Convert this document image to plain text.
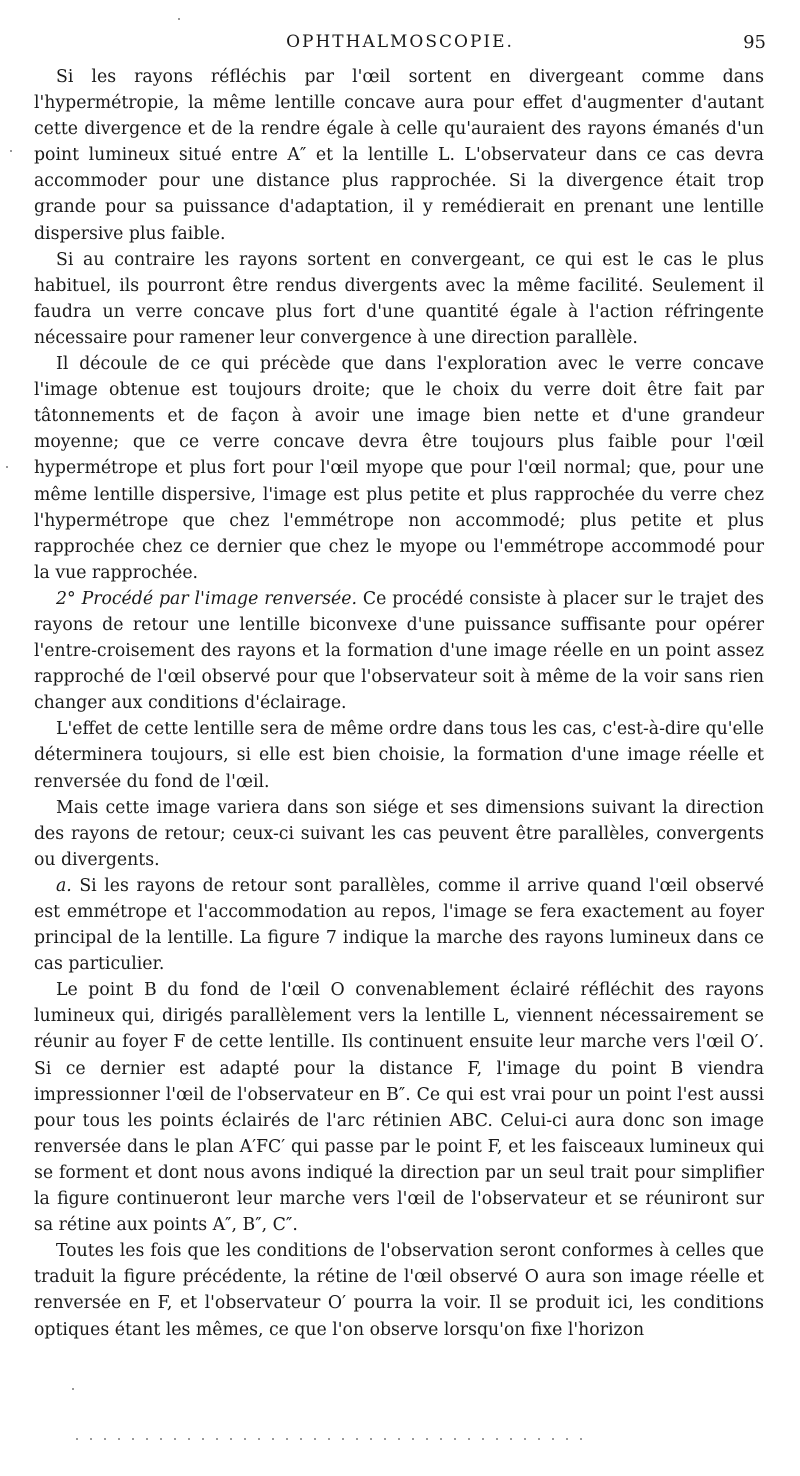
OPHTHALMOSCOPIE.	95

Si les rayons réfléchis par l'œil sortent en divergeant comme dans l'hypermétropie, la même lentille concave aura pour effet d'augmenter d'autant cette divergence et de la rendre égale à celle qu'auraient des rayons émanés d'un point lumineux situé entre A″ et la lentille L. L'observateur dans ce cas devra accommoder pour une distance plus rapprochée. Si la divergence était trop grande pour sa puissance d'adaptation, il y remédierait en prenant une lentille dispersive plus faible.

Si au contraire les rayons sortent en convergeant, ce qui est le cas le plus habituel, ils pourront être rendus divergents avec la même facilité. Seulement il faudra un verre concave plus fort d'une quantité égale à l'action réfringente nécessaire pour ramener leur convergence à une direction parallèle.

Il découle de ce qui précède que dans l'exploration avec le verre concave l'image obtenue est toujours droite; que le choix du verre doit être fait par tâtonnements et de façon à avoir une image bien nette et d'une grandeur moyenne; que ce verre concave devra être toujours plus faible pour l'œil hypermétrope et plus fort pour l'œil myope que pour l'œil normal; que, pour une même lentille dispersive, l'image est plus petite et plus rapprochée du verre chez l'hypermétrope que chez l'emmétrope non accommodé; plus petite et plus rapprochée chez ce dernier que chez le myope ou l'emmétrope accommodé pour la vue rapprochée.

2° Procédé par l'image renversée. Ce procédé consiste à placer sur le trajet des rayons de retour une lentille biconvexe d'une puissance suffisante pour opérer l'entre-croisement des rayons et la formation d'une image réelle en un point assez rapproché de l'œil observé pour que l'observateur soit à même de la voir sans rien changer aux conditions d'éclairage.

L'effet de cette lentille sera de même ordre dans tous les cas, c'est-à-dire qu'elle déterminera toujours, si elle est bien choisie, la formation d'une image réelle et renversée du fond de l'œil.

Mais cette image variera dans son siége et ses dimensions suivant la direction des rayons de retour; ceux-ci suivant les cas peuvent être parallèles, convergents ou divergents.

a. Si les rayons de retour sont parallèles, comme il arrive quand l'œil observé est emmétrope et l'accommodation au repos, l'image se fera exactement au foyer principal de la lentille. La figure 7 indique la marche des rayons lumineux dans ce cas particulier.

Le point B du fond de l'œil O convenablement éclairé réfléchit des rayons lumineux qui, dirigés parallèlement vers la lentille L, viennent nécessairement se réunir au foyer F de cette lentille. Ils continuent ensuite leur marche vers l'œil O′. Si ce dernier est adapté pour la distance F, l'image du point B viendra impressionner l'œil de l'observateur en B″. Ce qui est vrai pour un point l'est aussi pour tous les points éclairés de l'arc rétinien ABC. Celui-ci aura donc son image renversée dans le plan A′FC′ qui passe par le point F, et les faisceaux lumineux qui se forment et dont nous avons indiqué la direction par un seul trait pour simplifier la figure continueront leur marche vers l'œil de l'observateur et se réuniront sur sa rétine aux points A″, B″, C″.

Toutes les fois que les conditions de l'observation seront conformes à celles que traduit la figure précédente, la rétine de l'œil observé O aura son image réelle et renversée en F, et l'observateur O′ pourra la voir. Il se produit ici, les conditions optiques étant les mêmes, ce que l'on observe lorsqu'on fixe l'horizon
